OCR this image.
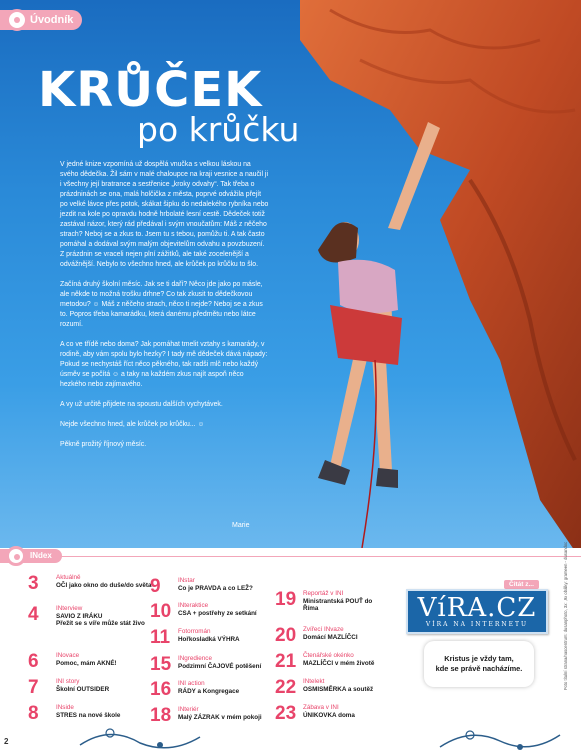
Úvodník
KRŮČEK
po krůčku

V jedné knize vzpomíná už dospělá vnučka s velkou láskou na svého dědečka. Žil sám v malé chaloupce na kraji vesnice a naučil ji i všechny její bratrance a sestřenice „kroky odvahy“. Tak třeba o prázdninách se ona, malá holčička z města, poprvé odvážila přejít po velké lávce přes potok, skákat šipku do nedalekého rybníka nebo jezdit na kole po opravdu hodně hrbolaté lesní cestě. Dědeček totiž zastával názor, který rád předával i svým vnoučatům: Máš z něčeho strach? Neboj se a zkus to. Jsem tu s tebou, pomůžu ti. A tak často pomáhal a dodával svým malým objevitelům odvahu a povzbuzení. Z prázdnin se vraceli nejen plní zážitků, ale také zocelenější a odvážnější. Nebylo to všechno hned, ale krůček po krůčku to šlo.

Začíná druhý školní měsíc. Jak se ti daří? Něco jde jako po másle, ale někde to možná trošku drhne? Co tak zkusit to dědečkovou metodou? ☺ Máš z něčeho strach, něco ti nejde? Neboj se a zkus to. Popros třeba kamarádku, která danému předmětu nebo látce rozumí.

A co ve třídě nebo doma? Jak pomáhat tmelit vztahy s kamarády, v rodině, aby vám spolu bylo hezky? I tady mě dědeček dává nápady: Pokud se nechystáš říct něco pěkného, tak radši mlč nebo každý úsměv se počítá ☺ a taky na každém zkus najít aspoň něco hezkého nebo zajímavého.

A vy už určitě přijdete na spoustu dalších vychytávek.

Nejde všechno hned, ale krůček po krůčku... ☺

Pěkně prožitý říjnový měsíc.

Marie
INdex
3	Aktuálně
OČI jako okno do duše/do světa
4	INterview
SAVIO Z IRÁKU
Přežít se s víře může stát živo
6	INovace
Pomoc, mám AKNÉ!
7	INI story
Školní OUTSIDER
8	INside
STRES na nové škole
9	INstar
Co je PRAVDA a co LEŽ?
10	INteraktice
CSA + postřehy ze setkání
11	Fotorromán
Hořkosladká VÝHRA
15	INgredience
Podzimní ČAJOVÉ potěšení
16	INI action
RÁDY a Kongregace
18	INteriér
Malý ZÁZRAK v mém pokoji
19	Reportáž v INI
Ministrantská POUŤ do Říma
20	Zvířecí INvaze
Domácí MAZLÍČCI
21	Čtenářské okénko
MAZLÍČCI v mém životě
22	INtelekt
OSMISMĚRKA a soutěž
23	Zábava v INI
ÚNIKOVKA doma
Čitát z...
VíRA.CZ
VÍRA NA INTERNETU
Kristus je vždy tam,
kde se právě nacházíme.	Foto titulní strana/nascentrum: dusanphoto, 3x: ,9x obálky: grameen - dusandoc
2
